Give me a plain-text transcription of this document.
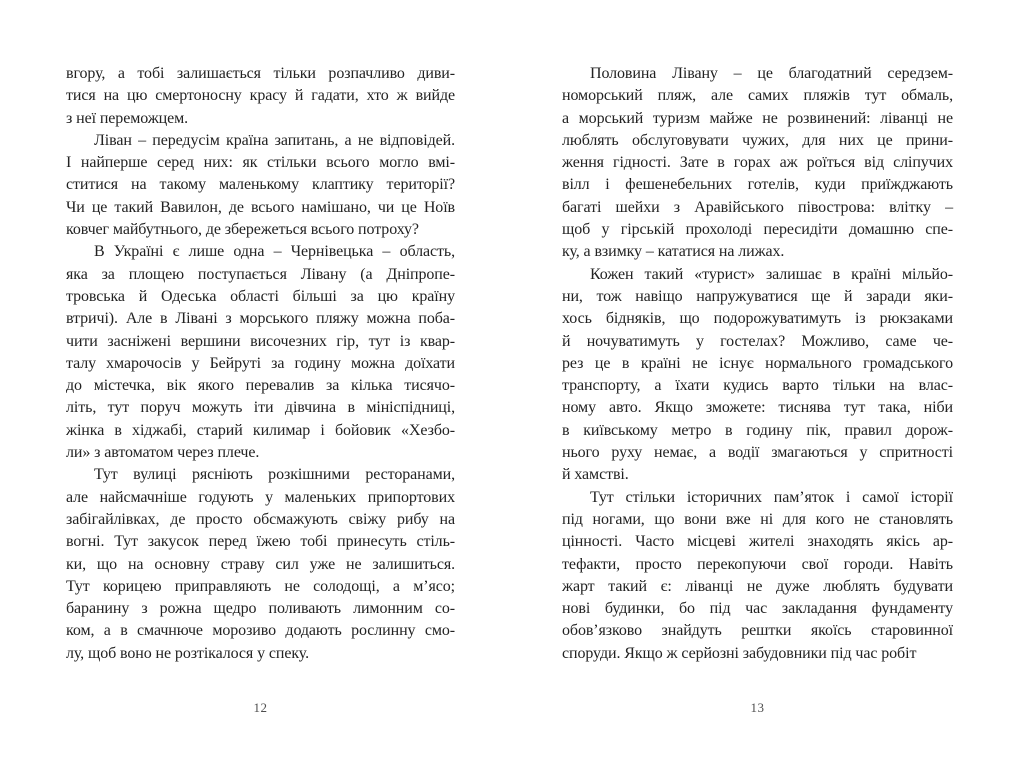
вгору, а тобі залишається тільки розпачливо диви-
тися на цю смертоносну красу й гадати, хто ж вийде
з неї переможцем.
Ліван – передусім країна запитань, а не відповідей.
І найперше серед них: як стільки всього могло вмі-
ститися на такому маленькому клаптику території?
Чи це такий Вавилон, де всього намішано, чи це Ноїв
ковчег майбутнього, де збережеться всього потроху?
В Україні є лише одна – Чернівецька – область,
яка за площею поступається Лівану (а Дніпропе-
тровська й Одеська області більші за цю країну
втричі). Але в Лівані з морського пляжу можна поба-
чити засніжені вершини височезних гір, тут із квар-
талу хмарочосів у Бейруті за годину можна доїхати
до містечка, вік якого перевалив за кілька тисячо-
літь, тут поруч можуть іти дівчина в мініспідниці,
жінка в хіджабі, старий килимар і бойовик «Хезбо-
ли» з автоматом через плече.
Тут вулиці рясніють розкішними ресторанами,
але найсмачніше годують у маленьких припортових
забігайлівках, де просто обсмажують свіжу рибу на
вогні. Тут закусок перед їжею тобі принесуть стіль-
ки, що на основну страву сил уже не залишиться.
Тут корицею приправляють не солодощі, а м’ясо;
баранину з рожна щедро поливають лимонним со-
ком, а в смачнюче морозиво додають рослинну смо-
лу, щоб воно не розтікалося у спеку.
Половина Лівану – це благодатний середзем-
номорський пляж, але самих пляжів тут обмаль,
а морський туризм майже не розвинений: ліванці не
люблять обслуговувати чужих, для них це прини-
ження гідності. Зате в горах аж роїться від сліпучих
вілл і фешенебельних готелів, куди приїжджають
багаті шейхи з Аравійського півострова: влітку –
щоб у гірській прохолоді пересидіти домашню спе-
ку, а взимку – кататися на лижах.
Кожен такий «турист» залишає в країні мільйо-
ни, тож навіщо напружуватися ще й заради яки-
хось бідняків, що подорожуватимуть із рюкзаками
й ночуватимуть у гостелах? Можливо, саме че-
рез це в країні не існує нормального громадського
транспорту, а їхати кудись варто тільки на влас-
ному авто. Якщо зможете: тиснява тут така, ніби
в київському метро в годину пік, правил дорож-
нього руху немає, а водії змагаються у спритності
й хамстві.
Тут стільки історичних пам’яток і самої історії
під ногами, що вони вже ні для кого не становлять
цінності. Часто місцеві жителі знаходять якісь ар-
тефакти, просто перекопуючи свої городи. Навіть
жарт такий є: ліванці не дуже люблять будувати
нові будинки, бо під час закладання фундаменту
обов’язково знайдуть рештки якоїсь старовинної
споруди. Якщо ж серйозні забудовники під час робіт
12	13
